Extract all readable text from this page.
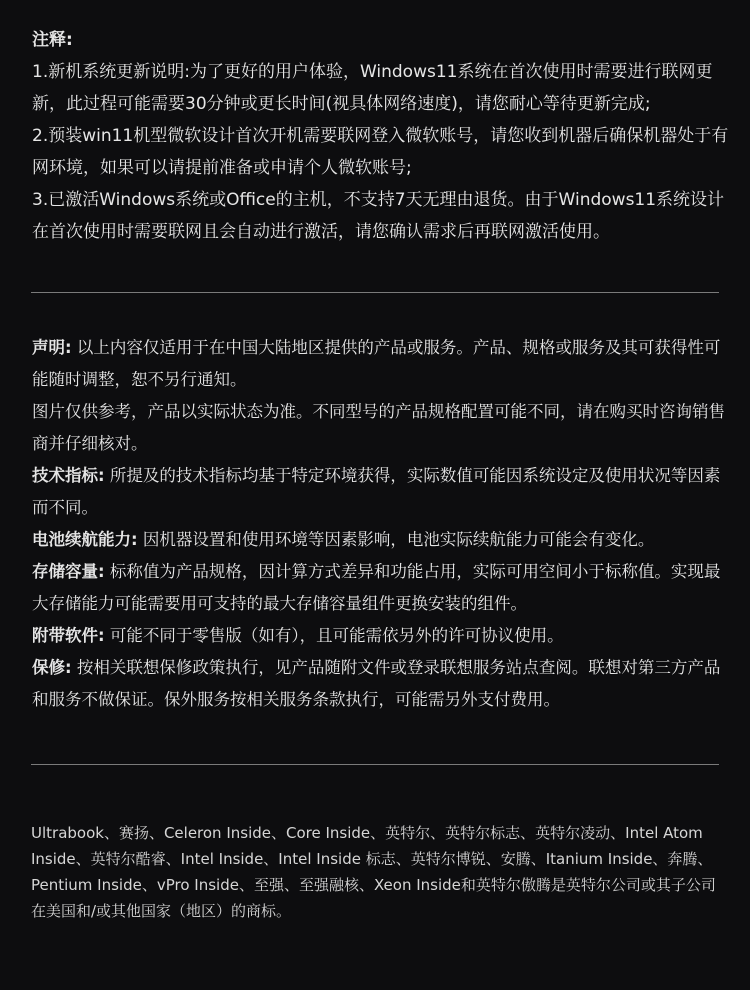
注释:

1.新机系统更新说明:为了更好的用户体验，Windows11系统在首次使用时需要进行联网更新，此过程可能需要30分钟或更长时间(视具体网络速度)，请您耐心等待更新完成;

2.预装win11机型微软设计首次开机需要联网登入微软账号，请您收到机器后确保机器处于有网环境，如果可以请提前准备或申请个人微软账号;

3.已激活Windows系统或Office的主机，不支持7天无理由退货。由于Windows11系统设计在首次使用时需要联网且会自动进行激活，请您确认需求后再联网激活使用。

声明: 以上内容仅适用于在中国大陆地区提供的产品或服务。产品、规格或服务及其可获得性可能随时调整，恕不另行通知。

图片仅供参考，产品以实际状态为准。不同型号的产品规格配置可能不同，请在购买时咨询销售商并仔细核对。

技术指标: 所提及的技术指标均基于特定环境获得，实际数值可能因系统设定及使用状况等因素而不同。

电池续航能力: 因机器设置和使用环境等因素影响，电池实际续航能力可能会有变化。

存储容量: 标称值为产品规格，因计算方式差异和功能占用，实际可用空间小于标称值。实现最大存储能力可能需要用可支持的最大存储容量组件更换安装的组件。

附带软件: 可能不同于零售版（如有），且可能需依另外的许可协议使用。

保修: 按相关联想保修政策执行，见产品随附文件或登录联想服务站点查阅。联想对第三方产品和服务不做保证。保外服务按相关服务条款执行，可能需另外支付费用。

Ultrabook、赛扬、Celeron Inside、Core Inside、英特尔、英特尔标志、英特尔凌动、Intel Atom Inside、英特尔酷睿、Intel Inside、Intel Inside 标志、英特尔博锐、安腾、Itanium Inside、奔腾、Pentium Inside、vPro Inside、至强、至强融核、Xeon Inside和英特尔傲腾是英特尔公司或其子公司在美国和/或其他国家（地区）的商标。
